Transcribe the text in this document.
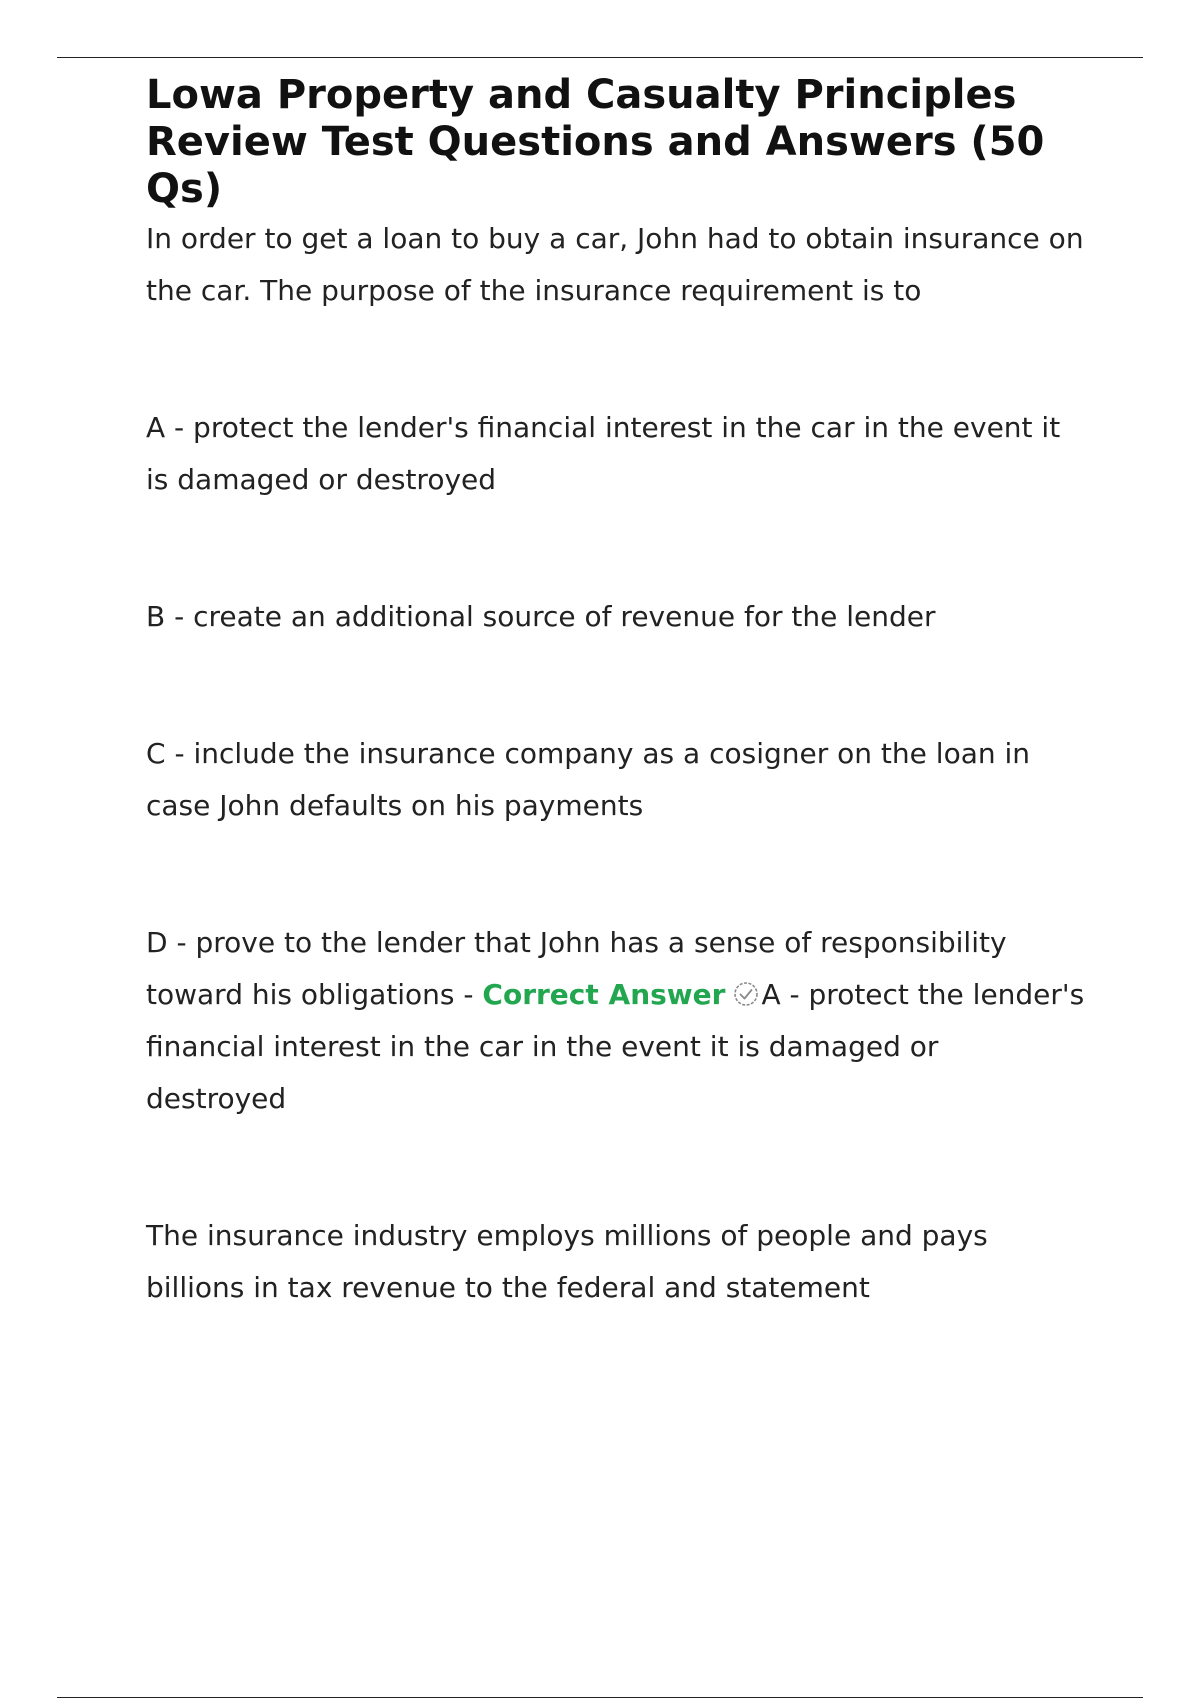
Lowa Property and Casualty Principles Review Test Questions and Answers (50 Qs)

In order to get a loan to buy a car, John had to obtain insurance on the car. The purpose of the insurance requirement is to

A - protect the lender's financial interest in the car in the event it is damaged or destroyed

B - create an additional source of revenue for the lender

C - include the insurance company as a cosigner on the loan in case John defaults on his payments

D - prove to the lender that John has a sense of responsibility toward his obligations - Correct Answer A - protect the lender's financial interest in the car in the event it is damaged or destroyed

The insurance industry employs millions of people and pays billions in tax revenue to the federal and statement
